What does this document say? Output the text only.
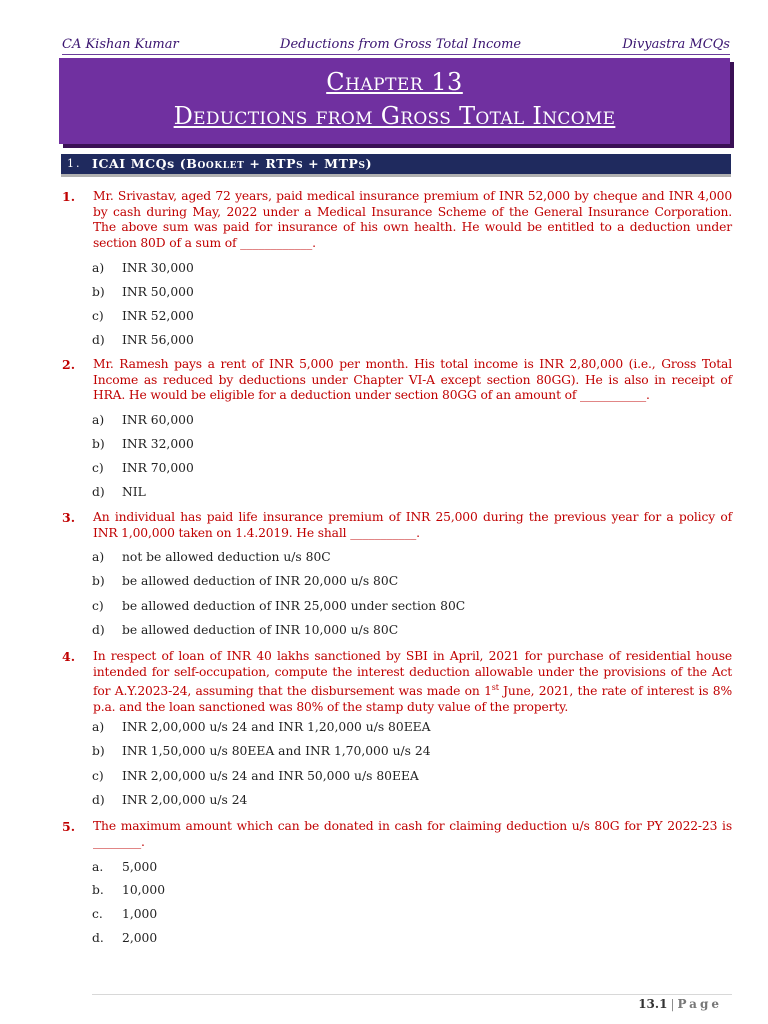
CA Kishan Kumar	Deductions from Gross Total Income	Divyastra MCQs
Chapter 13
Deductions from Gross Total Income
1. ICAI MCQs (Booklet + RTPs + MTPs)
1. Mr. Srivastav, aged 72 years, paid medical insurance premium of INR 52,000 by cheque and INR 4,000 by cash during May, 2022 under a Medical Insurance Scheme of the General Insurance Corporation. The above sum was paid for insurance of his own health. He would be entitled to a deduction under section 80D of a sum of ____________.
a) INR 30,000
b) INR 50,000
c) INR 52,000
d) INR 56,000
2. Mr. Ramesh pays a rent of INR 5,000 per month. His total income is INR 2,80,000 (i.e., Gross Total Income as reduced by deductions under Chapter VI-A except section 80GG). He is also in receipt of HRA. He would be eligible for a deduction under section 80GG of an amount of ___________.
a) INR 60,000
b) INR 32,000
c) INR 70,000
d) NIL
3. An individual has paid life insurance premium of INR 25,000 during the previous year for a policy of INR 1,00,000 taken on 1.4.2019. He shall ___________.
a) not be allowed deduction u/s 80C
b) be allowed deduction of INR 20,000 u/s 80C
c) be allowed deduction of INR 25,000 under section 80C
d) be allowed deduction of INR 10,000 u/s 80C
4. In respect of loan of INR 40 lakhs sanctioned by SBI in April, 2021 for purchase of residential house intended for self-occupation, compute the interest deduction allowable under the provisions of the Act for A.Y.2023-24, assuming that the disbursement was made on 1st June, 2021, the rate of interest is 8% p.a. and the loan sanctioned was 80% of the stamp duty value of the property.
a) INR 2,00,000 u/s 24 and INR 1,20,000 u/s 80EEA
b) INR 1,50,000 u/s 80EEA and INR 1,70,000 u/s 24
c) INR 2,00,000 u/s 24 and INR 50,000 u/s 80EEA
d) INR 2,00,000 u/s 24
5. The maximum amount which can be donated in cash for claiming deduction u/s 80G for PY 2022-23 is ________.
a. 5,000
b. 10,000
c. 1,000
d. 2,000
13.1 | Page
